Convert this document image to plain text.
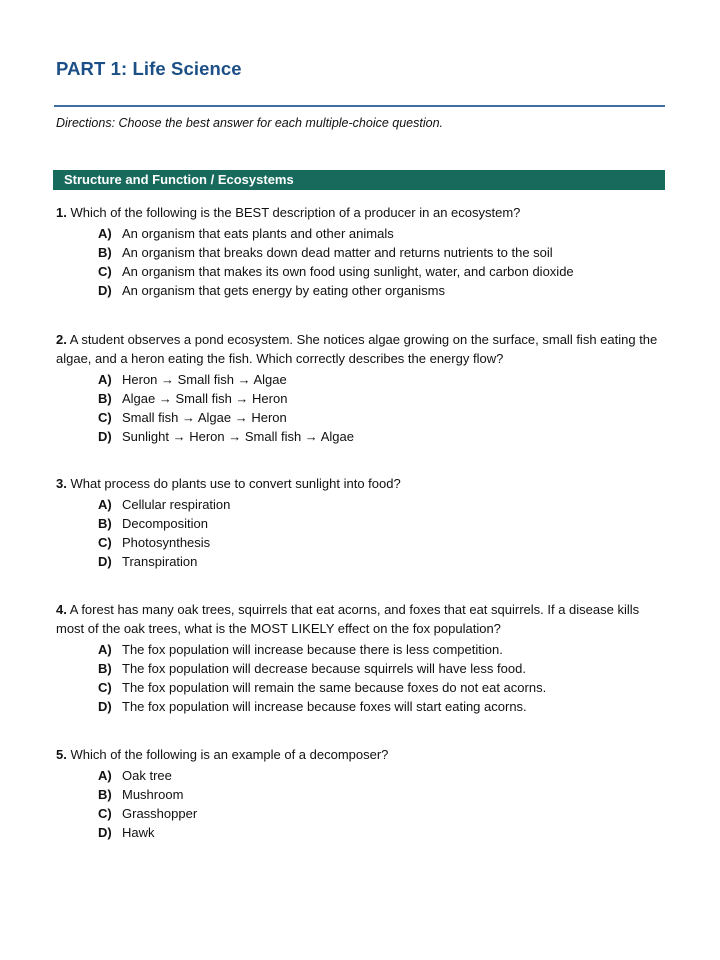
PART 1: Life Science
Directions: Choose the best answer for each multiple-choice question.
Structure and Function / Ecosystems

1. Which of the following is the BEST description of a producer in an ecosystem?

A) An organism that eats plants and other animals
B) An organism that breaks down dead matter and returns nutrients to the soil
C) An organism that makes its own food using sunlight, water, and carbon dioxide
D) An organism that gets energy by eating other organisms

2. A student observes a pond ecosystem. She notices algae growing on the surface, small fish eating the algae, and a heron eating the fish. Which correctly describes the energy flow?

A) Heron → Small fish → Algae
B) Algae → Small fish → Heron
C) Small fish → Algae → Heron
D) Sunlight → Heron → Small fish → Algae

3. What process do plants use to convert sunlight into food?

A) Cellular respiration
B) Decomposition
C) Photosynthesis
D) Transpiration

4. A forest has many oak trees, squirrels that eat acorns, and foxes that eat squirrels. If a disease kills most of the oak trees, what is the MOST LIKELY effect on the fox population?

A) The fox population will increase because there is less competition.
B) The fox population will decrease because squirrels will have less food.
C) The fox population will remain the same because foxes do not eat acorns.
D) The fox population will increase because foxes will start eating acorns.

5. Which of the following is an example of a decomposer?

A) Oak tree
B) Mushroom
C) Grasshopper
D) Hawk
